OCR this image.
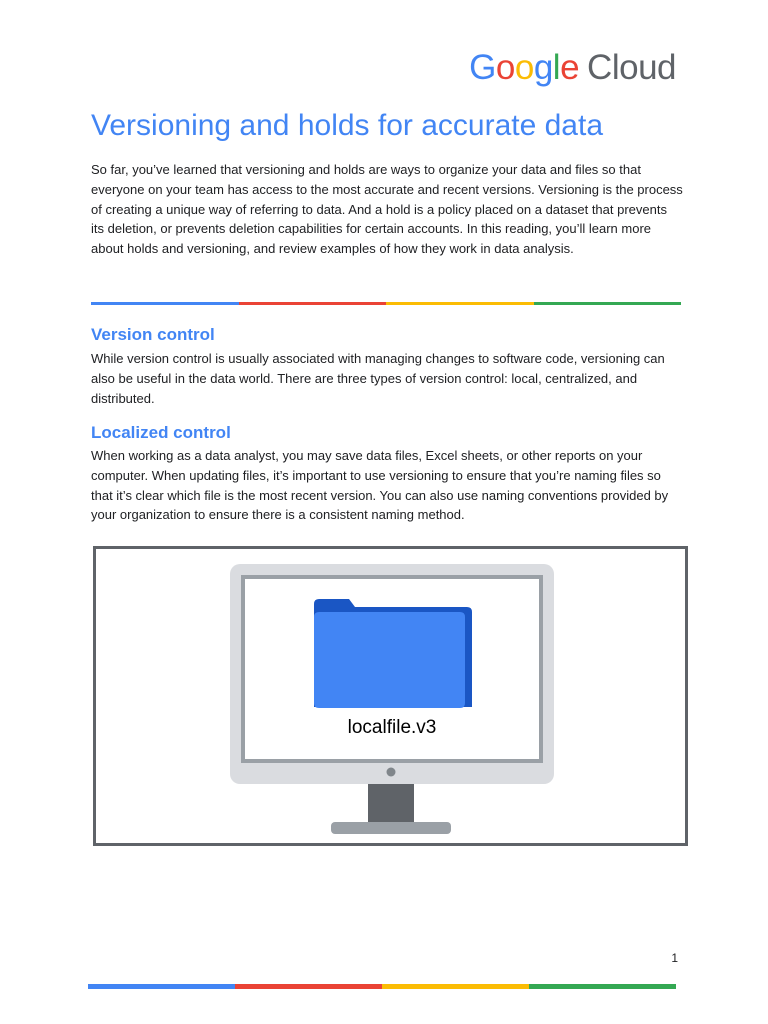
Google Cloud
Versioning and holds for accurate data

So far, you’ve learned that versioning and holds are ways to organize your data and files so that everyone on your team has access to the most accurate and recent versions. Versioning is the process of creating a unique way of referring to data. And a hold is a policy placed on a dataset that prevents its deletion, or prevents deletion capabilities for certain accounts. In this reading, you’ll learn more about holds and versioning, and review examples of how they work in data analysis.

Version control

While version control is usually associated with managing changes to software code, versioning can also be useful in the data world. There are three types of version control: local, centralized, and distributed.

Localized control

When working as a data analyst, you may save data files, Excel sheets, or other reports on your computer. When updating files, it’s important to use versioning to ensure that you’re naming files so that it’s clear which file is the most recent version. You can also use naming conventions provided by your organization to ensure there is a consistent naming method.

localfile.v3
1
